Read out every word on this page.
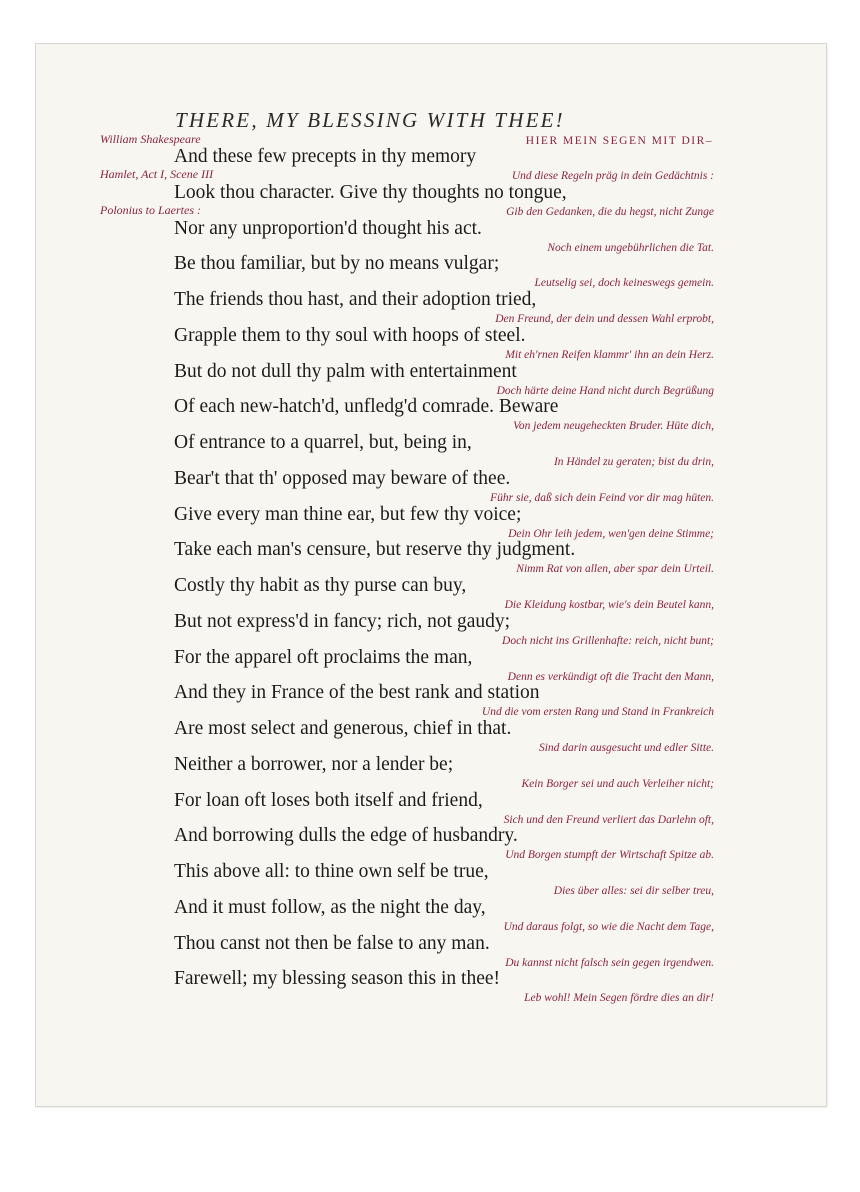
THERE, MY BLESSING WITH THEE!
HIER MEIN SEGEN MIT DIR–
William Shakespeare
Hamlet, Act I, Scene III
Polonius to Laertes :
And these few precepts in thy memory
Und diese Regeln präg in dein Gedächtnis :
Look thou character. Give thy thoughts no tongue,
Gib den Gedanken, die du hegst, nicht Zunge
Nor any unproportion'd thought his act.
Noch einem ungebührlichen die Tat.
Be thou familiar, but by no means vulgar;
Leutselig sei, doch keineswegs gemein.
The friends thou hast, and their adoption tried,
Den Freund, der dein und dessen Wahl erprobt,
Grapple them to thy soul with hoops of steel.
Mit eh'rnen Reifen klammr' ihn an dein Herz.
But do not dull thy palm with entertainment
Doch härte deine Hand nicht durch Begrüßung
Of each new-hatch'd, unfledg'd comrade. Beware
Von jedem neugeheckten Bruder. Hüte dich,
Of entrance to a quarrel, but, being in,
In Händel zu geraten; bist du drin,
Bear't that th' opposed may beware of thee.
Führ sie, daß sich dein Feind vor dir mag hüten.
Give every man thine ear, but few thy voice;
Dein Ohr leih jedem, wen'gen deine Stimme;
Take each man's censure, but reserve thy judgment.
Nimm Rat von allen, aber spar dein Urteil.
Costly thy habit as thy purse can buy,
Die Kleidung kostbar, wie's dein Beutel kann,
But not express'd in fancy; rich, not gaudy;
Doch nicht ins Grillenhafte: reich, nicht bunt;
For the apparel oft proclaims the man,
Denn es verkündigt oft die Tracht den Mann,
And they in France of the best rank and station
Und die vom ersten Rang und Stand in Frankreich
Are most select and generous, chief in that.
Sind darin ausgesucht und edler Sitte.
Neither a borrower, nor a lender be;
Kein Borger sei und auch Verleiher nicht;
For loan oft loses both itself and friend,
Sich und den Freund verliert das Darlehn oft,
And borrowing dulls the edge of husbandry.
Und Borgen stumpft der Wirtschaft Spitze ab.
This above all: to thine own self be true,
Dies über alles: sei dir selber treu,
And it must follow, as the night the day,
Und daraus folgt, so wie die Nacht dem Tage,
Thou canst not then be false to any man.
Du kannst nicht falsch sein gegen irgendwen.
Farewell; my blessing season this in thee!
Leb wohl! Mein Segen fördre dies an dir!
